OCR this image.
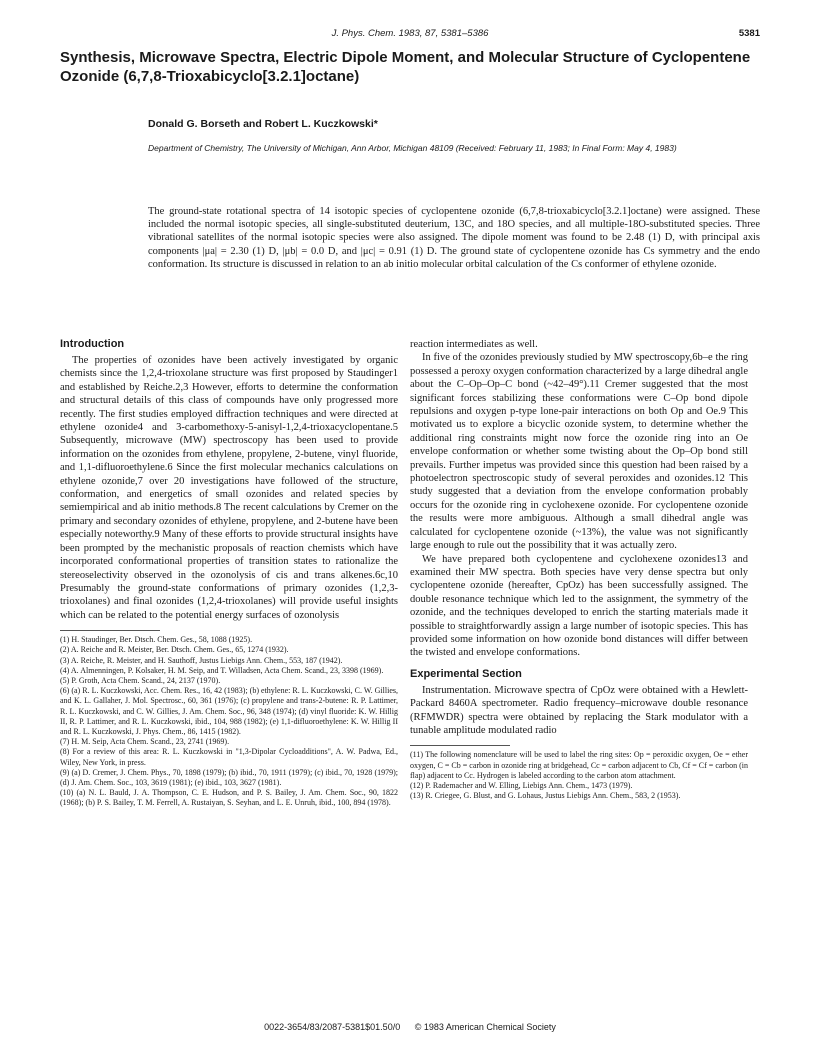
J. Phys. Chem. 1983, 87, 5381–5386	5381
Synthesis, Microwave Spectra, Electric Dipole Moment, and Molecular Structure of Cyclopentene Ozonide (6,7,8-Trioxabicyclo[3.2.1]octane)
Donald G. Borseth and Robert L. Kuczkowski*
Department of Chemistry, The University of Michigan, Ann Arbor, Michigan 48109 (Received: February 11, 1983; In Final Form: May 4, 1983)

The ground-state rotational spectra of 14 isotopic species of cyclopentene ozonide (6,7,8-trioxabicyclo[3.2.1]octane) were assigned. These included the normal isotopic species, all single-substituted deuterium, 13C, and 18O species, and all multiple-18O-substituted species. Three vibrational satellites of the normal isotopic species were also assigned. The dipole moment was found to be 2.48 (1) D, with principal axis components |μa| = 2.30 (1) D, |μb| = 0.0 D, and |μc| = 0.91 (1) D. The ground state of cyclopentene ozonide has Cs symmetry and the endo conformation. Its structure is discussed in relation to an ab initio molecular orbital calculation of the Cs conformer of ethylene ozonide.

Introduction

The properties of ozonides have been actively investigated by organic chemists since the 1,2,4-trioxolane structure was first proposed by Staudinger1 and established by Reiche.2,3 However, efforts to determine the conformation and structural details of this class of compounds have only progressed more recently. The first studies employed diffraction techniques and were directed at ethylene ozonide4 and 3-carbomethoxy-5-anisyl-1,2,4-trioxacyclopentane.5 Subsequently, microwave (MW) spectroscopy has been used to provide information on the ozonides from ethylene, propylene, 2-butene, vinyl fluoride, and 1,1-difluoroethylene.6 Since the first molecular mechanics calculations on ethylene ozonide,7 over 20 investigations have followed of the structure, conformation, and energetics of small ozonides and related species by semiempirical and ab initio methods.8 The recent calculations by Cremer on the primary and secondary ozonides of ethylene, propylene, and 2-butene have been especially noteworthy.9 Many of these efforts to provide structural insights have been prompted by the mechanistic proposals of reaction chemists which have incorporated conformational properties of transition states to rationalize the stereoselectivity observed in the ozonolysis of cis and trans alkenes.6c,10 Presumably the ground-state conformations of primary ozonides (1,2,3-trioxolanes) and final ozonides (1,2,4-trioxolanes) will provide useful insights which can be related to the potential energy surfaces of ozonolysis

(1) H. Staudinger, Ber. Dtsch. Chem. Ges., 58, 1088 (1925).

(2) A. Reiche and R. Meister, Ber. Dtsch. Chem. Ges., 65, 1274 (1932).

(3) A. Reiche, R. Meister, and H. Sauthoff, Justus Liebigs Ann. Chem., 553, 187 (1942).

(4) A. Almenningen, P. Kolsaker, H. M. Seip, and T. Willadsen, Acta Chem. Scand., 23, 3398 (1969).

(5) P. Groth, Acta Chem. Scand., 24, 2137 (1970).

(6) (a) R. L. Kuczkowski, Acc. Chem. Res., 16, 42 (1983); (b) ethylene: R. L. Kuczkowski, C. W. Gillies, and K. L. Gallaher, J. Mol. Spectrosc., 60, 361 (1976); (c) propylene and trans-2-butene: R. P. Lattimer, R. L. Kuczkowski, and C. W. Gillies, J. Am. Chem. Soc., 96, 348 (1974); (d) vinyl fluoride: K. W. Hillig II, R. P. Lattimer, and R. L. Kuczkowski, ibid., 104, 988 (1982); (e) 1,1-difluoroethylene: K. W. Hillig II and R. L. Kuczkowski, J. Phys. Chem., 86, 1415 (1982).

(7) H. M. Seip, Acta Chem. Scand., 23, 2741 (1969).

(8) For a review of this area: R. L. Kuczkowski in "1,3-Dipolar Cycloadditions", A. W. Padwa, Ed., Wiley, New York, in press.

(9) (a) D. Cremer, J. Chem. Phys., 70, 1898 (1979); (b) ibid., 70, 1911 (1979); (c) ibid., 70, 1928 (1979); (d) J. Am. Chem. Soc., 103, 3619 (1981); (e) ibid., 103, 3627 (1981).

(10) (a) N. L. Bauld, J. A. Thompson, C. E. Hudson, and P. S. Bailey, J. Am. Chem. Soc., 90, 1822 (1968); (b) P. S. Bailey, T. M. Ferrell, A. Rustaiyan, S. Seyhan, and L. E. Unruh, ibid., 100, 894 (1978).

reaction intermediates as well.

In five of the ozonides previously studied by MW spectroscopy,6b–e the ring possessed a peroxy oxygen conformation characterized by a large dihedral angle about the C–Op–Op–C bond (~42–49°).11 Cremer suggested that the most significant forces stabilizing these conformations were C–Op bond dipole repulsions and oxygen p-type lone-pair interactions on both Op and Oe.9 This motivated us to explore a bicyclic ozonide system, to determine whether the additional ring constraints might now force the ozonide ring into an Oe envelope conformation or whether some twisting about the Op–Op bond still prevails. Further impetus was provided since this question had been raised by a photoelectron spectroscopic study of several peroxides and ozonides.12 This study suggested that a deviation from the envelope conformation probably occurs for the ozonide ring in cyclohexene ozonide. For cyclopentene ozonide the results were more ambiguous. Although a small dihedral angle was calculated for cyclopentene ozonide (~13%), the value was not significantly large enough to rule out the possibility that it was actually zero.

We have prepared both cyclopentene and cyclohexene ozonides13 and examined their MW spectra. Both species have very dense spectra but only cyclopentene ozonide (hereafter, CpOz) has been successfully assigned. The double resonance technique which led to the assignment, the symmetry of the ozonide, and the techniques developed to enrich the starting materials made it possible to straightforwardly assign a large number of isotopic species. This has provided some information on how ozonide bond distances will differ between the twisted and envelope conformations.

Experimental Section

Instrumentation. Microwave spectra of CpOz were obtained with a Hewlett-Packard 8460A spectrometer. Radio frequency–microwave double resonance (RFMWDR) spectra were obtained by replacing the Stark modulator with a tunable amplitude modulated radio

(11) The following nomenclature will be used to label the ring sites: Op = peroxidic oxygen, Oe = ether oxygen, C = Cb = carbon in ozonide ring at bridgehead, Cc = carbon adjacent to Cb, Cf = Cf = carbon (in flap) adjacent to Cc. Hydrogen is labeled according to the carbon atom attachment.

(12) P. Rademacher and W. Elling, Liebigs Ann. Chem., 1473 (1979).

(13) R. Criegee, G. Blust, and G. Lohaus, Justus Liebigs Ann. Chem., 583, 2 (1953).

0022-3654/83/2087-5381$01.50/0 © 1983 American Chemical Society
